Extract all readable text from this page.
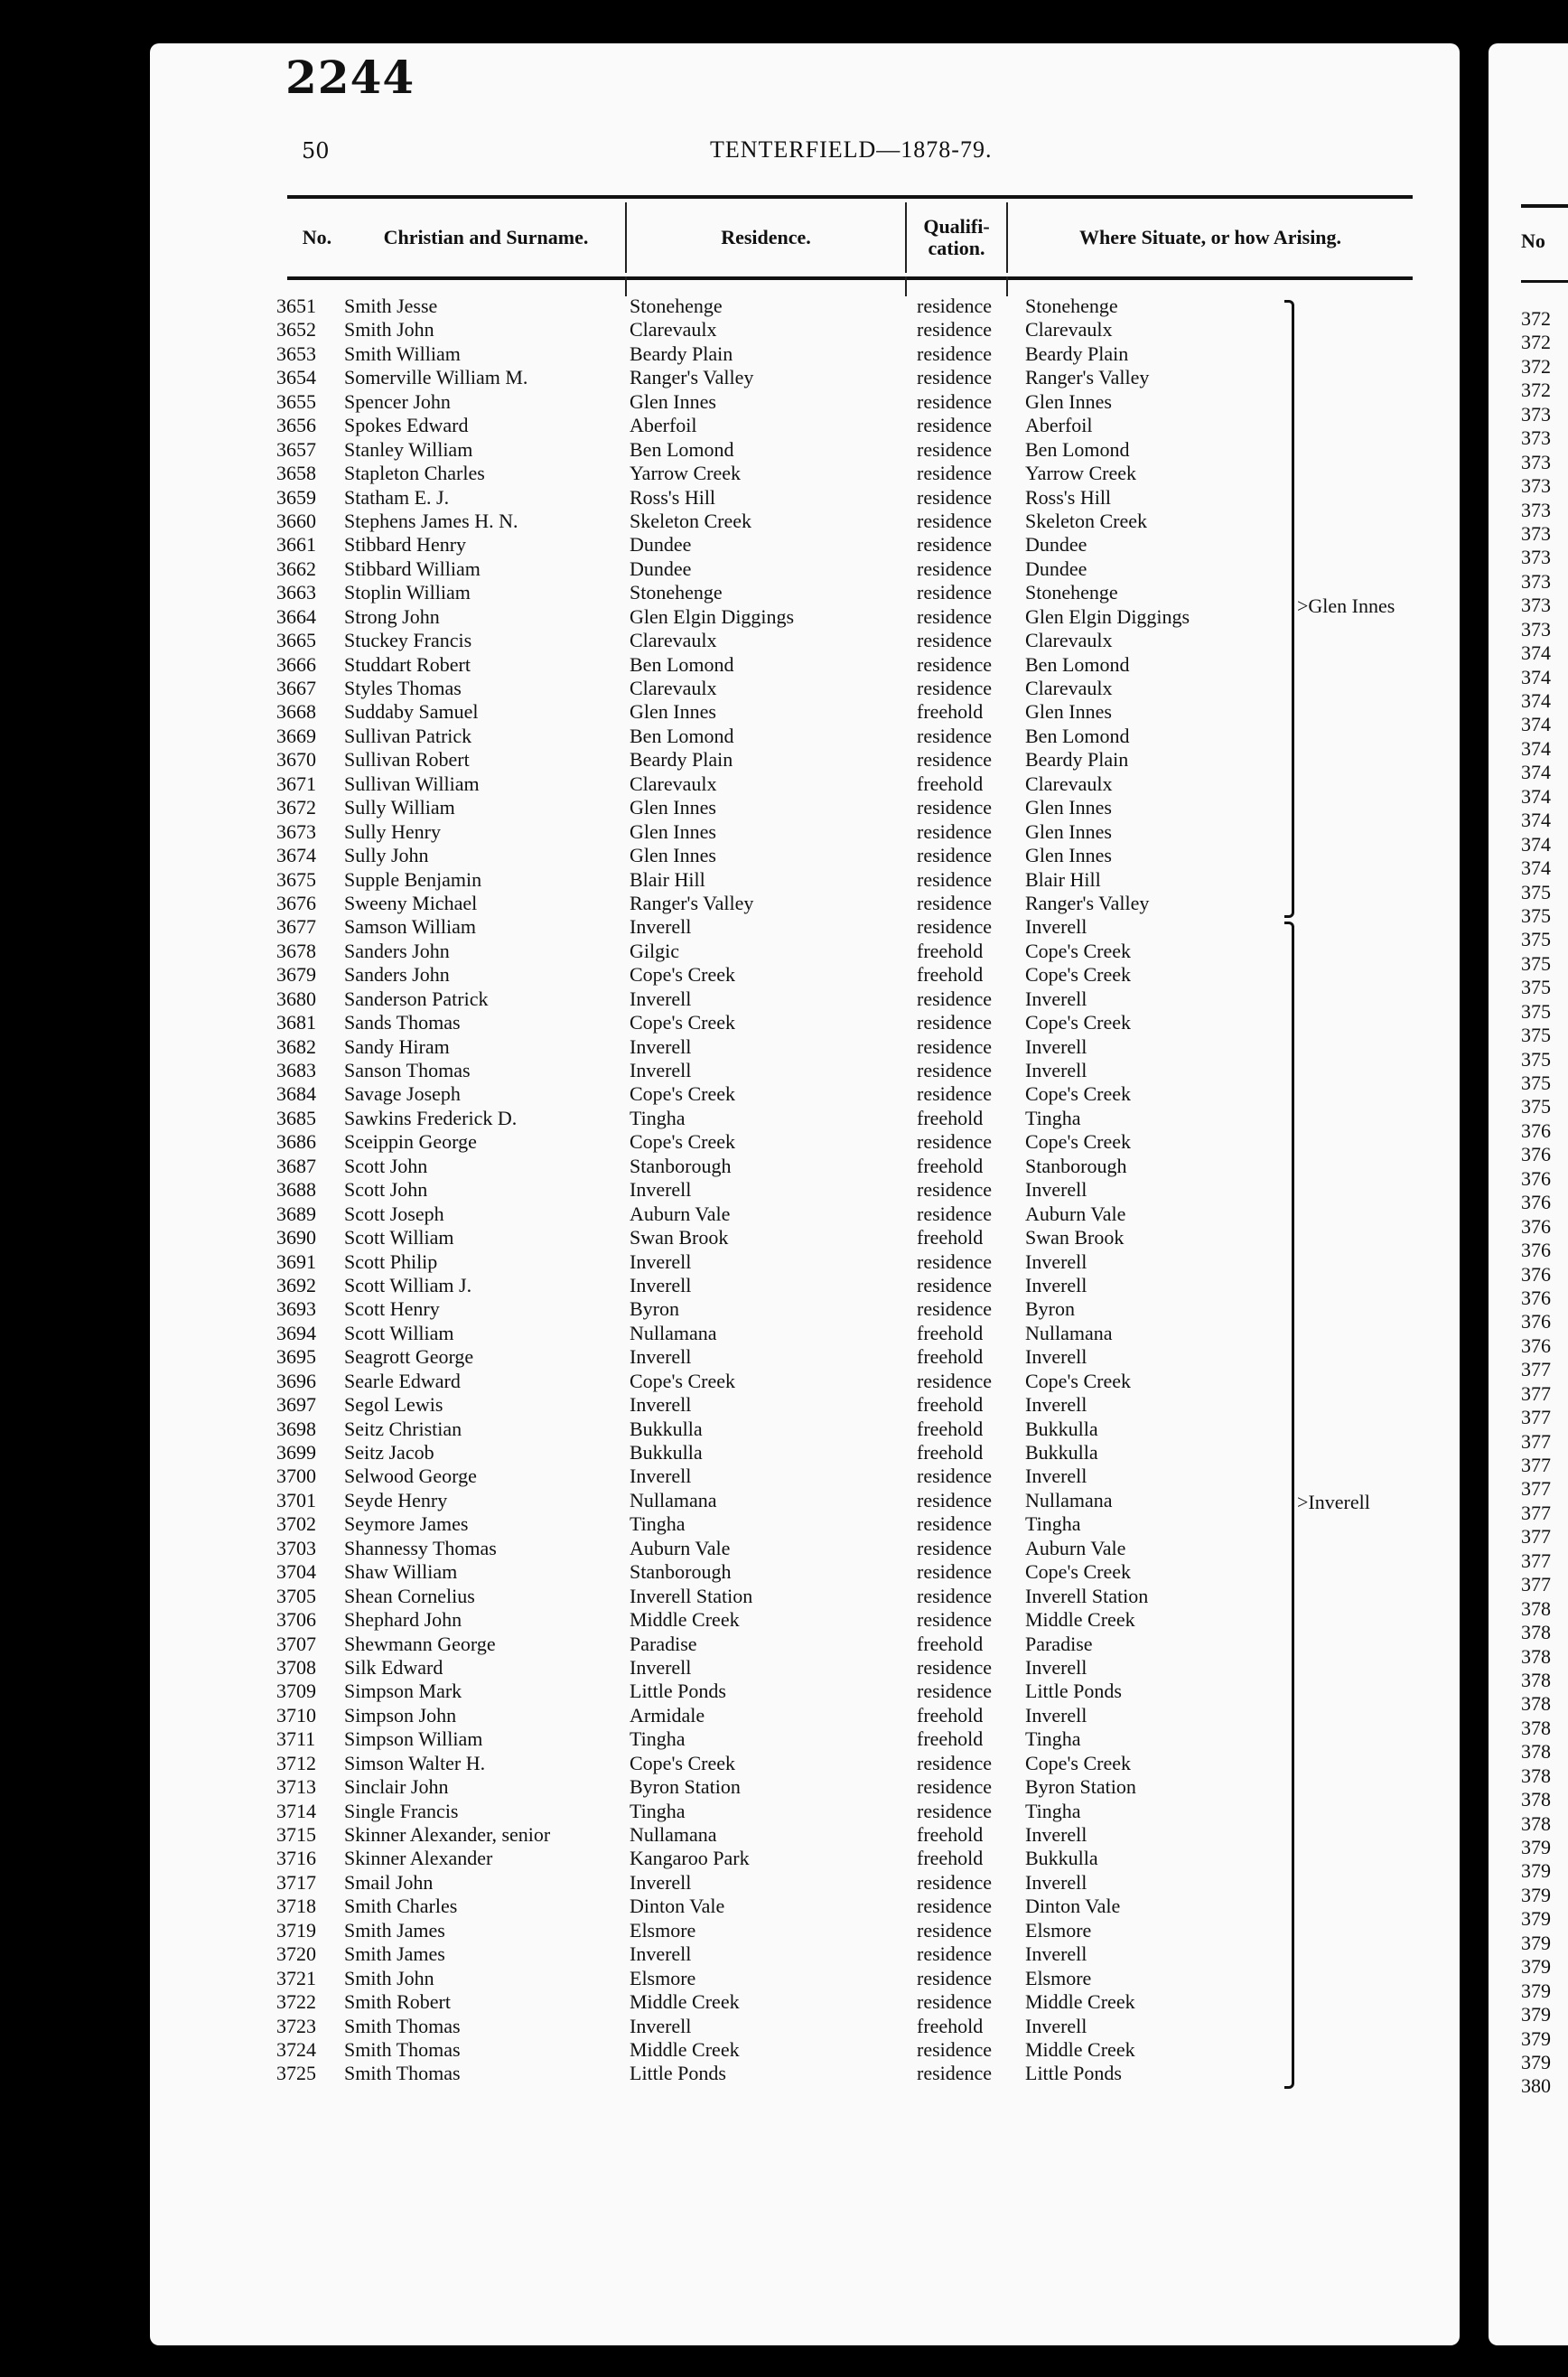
2244
50	TENTERFIELD—1878-79.
No.	Christian and Surname.	Residence.	Qualifi-cation.	Where Situate, or how Arising.
3651	Smith Jesse	Stonehenge	residence Stonehenge
3652	Smith John	Clarevaulx	residence Clarevaulx
3653	Smith William	Beardy Plain	residence Beardy Plain
3654	Somerville William M.	Ranger's Valley	residence Ranger's Valley
3655	Spencer John	Glen Innes	residence Glen Innes
3656	Spokes Edward	Aberfoil	residence Aberfoil
3657	Stanley William	Ben Lomond	residence Ben Lomond
3658	Stapleton Charles	Yarrow Creek	residence Yarrow Creek
3659	Statham E. J.	Ross's Hill	residence Ross's Hill
3660	Stephens James H. N.	Skeleton Creek	residence Skeleton Creek
3661	Stibbard Henry	Dundee	residence Dundee
3662	Stibbard William	Dundee	residence Dundee
3663	Stoplin William	Stonehenge	residence Stonehenge
3664	Strong John	Glen Elgin Diggings	residence Glen Elgin Diggings
3665	Stuckey Francis	Clarevaulx	residence Clarevaulx
3666	Studdart Robert	Ben Lomond	residence Ben Lomond
3667	Styles Thomas	Clarevaulx	residence Clarevaulx
3668	Suddaby Samuel	Glen Innes	freehold Glen Innes
3669	Sullivan Patrick	Ben Lomond	residence Ben Lomond
3670	Sullivan Robert	Beardy Plain	residence Beardy Plain
3671	Sullivan William	Clarevaulx	freehold Clarevaulx
3672	Sully William	Glen Innes	residence Glen Innes
3673	Sully Henry	Glen Innes	residence Glen Innes
3674	Sully John	Glen Innes	residence Glen Innes
3675	Supple Benjamin	Blair Hill	residence Blair Hill
3676	Sweeny Michael	Ranger's Valley	residence Ranger's Valley
3677	Samson William	Inverell	residence Inverell
3678	Sanders John	Gilgic	freehold Cope's Creek
3679	Sanders John	Cope's Creek	freehold Cope's Creek
3680	Sanderson Patrick	Inverell	residence Inverell
3681	Sands Thomas	Cope's Creek	residence Cope's Creek
3682	Sandy Hiram	Inverell	residence Inverell
3683	Sanson Thomas	Inverell	residence Inverell
3684	Savage Joseph	Cope's Creek	residence Cope's Creek
3685	Sawkins Frederick D.	Tingha	freehold Tingha
3686	Sceippin George	Cope's Creek	residence Cope's Creek
3687	Scott John	Stanborough	freehold Stanborough
3688	Scott John	Inverell	residence Inverell
3689	Scott Joseph	Auburn Vale	residence Auburn Vale
3690	Scott William	Swan Brook	freehold Swan Brook
3691	Scott Philip	Inverell	residence Inverell
3692	Scott William J.	Inverell	residence Inverell
3693	Scott Henry	Byron	residence Byron
3694	Scott William	Nullamana	freehold Nullamana
3695	Seagrott George	Inverell	freehold Inverell
3696	Searle Edward	Cope's Creek	residence Cope's Creek
3697	Segol Lewis	Inverell	freehold Inverell
3698	Seitz Christian	Bukkulla	freehold Bukkulla
3699	Seitz Jacob	Bukkulla	freehold Bukkulla
3700	Selwood George	Inverell	residence Inverell
3701	Seyde Henry	Nullamana	residence Nullamana
3702	Seymore James	Tingha	residence Tingha
3703	Shannessy Thomas	Auburn Vale	residence Auburn Vale
3704	Shaw William	Stanborough	residence Cope's Creek
3705	Shean Cornelius	Inverell Station	residence Inverell Station
3706	Shephard John	Middle Creek	residence Middle Creek
3707	Shewmann George	Paradise	freehold Paradise
3708	Silk Edward	Inverell	residence Inverell
3709	Simpson Mark	Little Ponds	residence Little Ponds
3710	Simpson John	Armidale	freehold Inverell
3711	Simpson William	Tingha	freehold Tingha
3712	Simson Walter H.	Cope's Creek	residence Cope's Creek
3713	Sinclair John	Byron Station	residence Byron Station
3714	Single Francis	Tingha	residence Tingha
3715	Skinner Alexander, senior	Nullamana	freehold Inverell
3716	Skinner Alexander	Kangaroo Park	freehold Bukkulla
3717	Smail John	Inverell	residence Inverell
3718	Smith Charles	Dinton Vale	residence Dinton Vale
3719	Smith James	Elsmore	residence Elsmore
3720	Smith James	Inverell	residence Inverell
3721	Smith John	Elsmore	residence Elsmore
3722	Smith Robert	Middle Creek	residence Middle Creek
3723	Smith Thomas	Inverell	freehold Inverell
3724	Smith Thomas	Middle Creek	residence Middle Creek
3725	Smith Thomas	Little Ponds	residence Little Ponds
>Glen Innes
>Inverell
No
372
372
372
372
373
373
373
373
373
373
373
373
373
373
374
374
374
374
374
374
374
374
374
374
375
375
375
375
375
375
375
375
375
375
376
376
376
376
376
376
376
376
376
376
377
377
377
377
377
377
377
377
377
377
378
378
378
378
378
378
378
378
378
378
379
379
379
379
379
379
379
379
379
379
380
